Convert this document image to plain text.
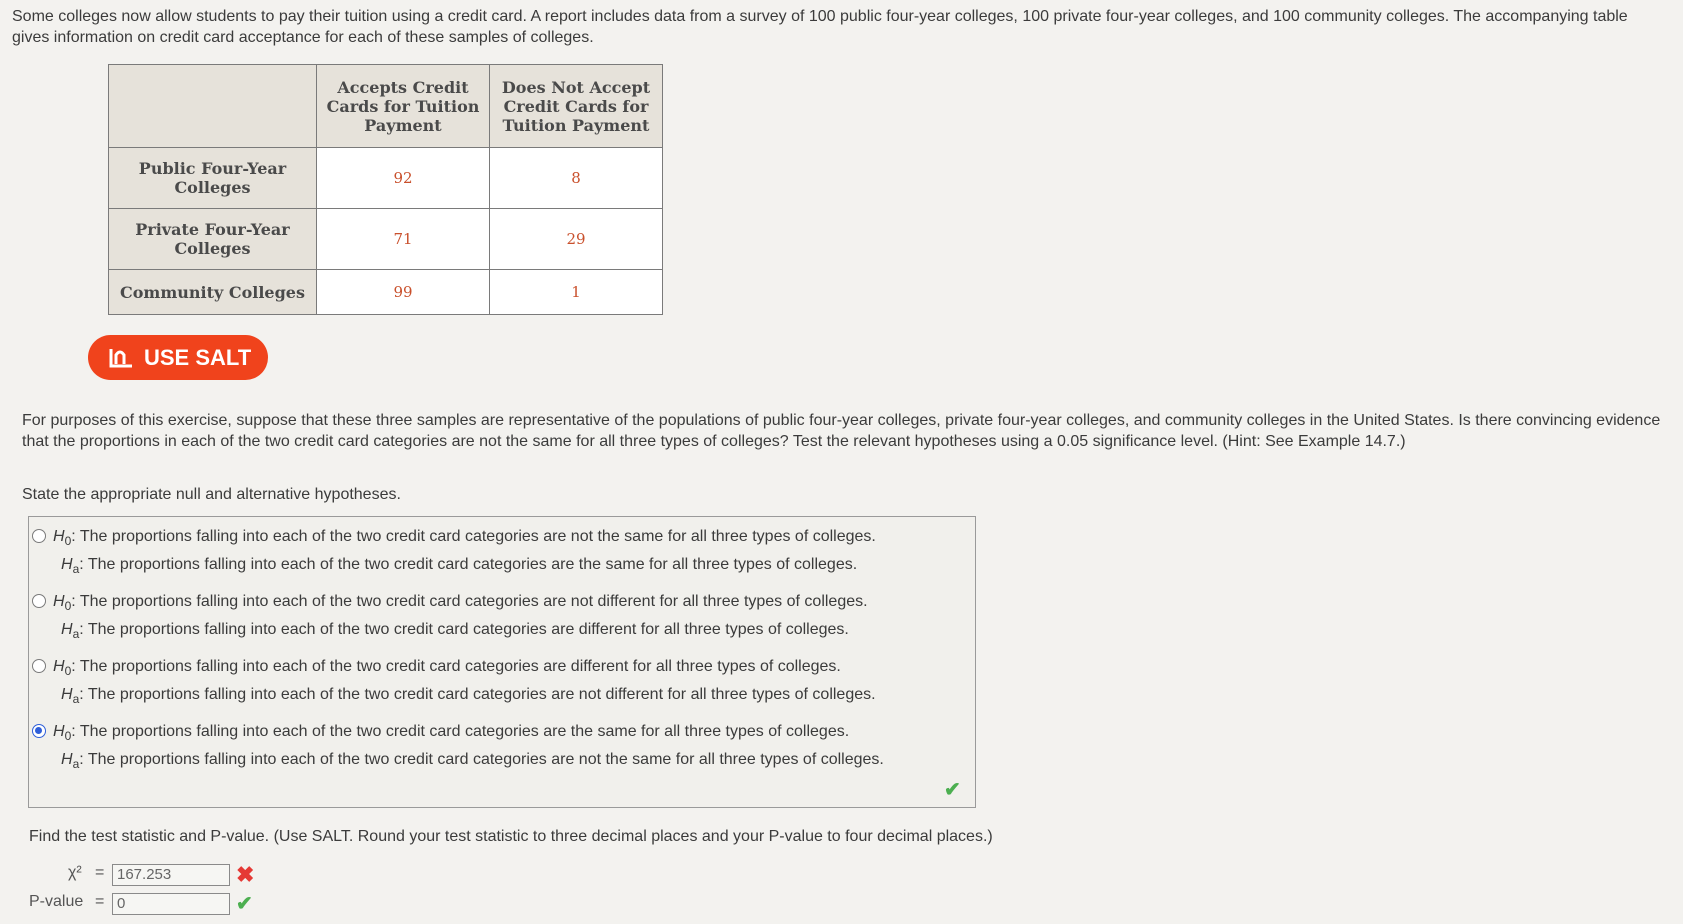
Some colleges now allow students to pay their tuition using a credit card. A report includes data from a survey of 100 public four-year colleges, 100 private four-year colleges, and 100 community colleges. The accompanying table gives information on credit card acceptance for each of these samples of colleges.
	Accepts Credit Cards for Tuition Payment	Does Not Accept Credit Cards for Tuition Payment
Public Four-Year Colleges	92	8
Private Four-Year Colleges	71	29
Community Colleges	99	1
USE SALT
For purposes of this exercise, suppose that these three samples are representative of the populations of public four-year colleges, private four-year colleges, and community colleges in the United States. Is there convincing evidence that the proportions in each of the two credit card categories are not the same for all three types of colleges? Test the relevant hypotheses using a 0.05 significance level. (Hint: See Example 14.7.)
State the appropriate null and alternative hypotheses.
$H_0$: The proportions falling into each of the two credit card categories are not the same for all three types of colleges.
$H_a$: The proportions falling into each of the two credit card categories are the same for all three types of colleges.
$H_0$: The proportions falling into each of the two credit card categories are not different for all three types of colleges.
$H_a$: The proportions falling into each of the two credit card categories are different for all three types of colleges.
$H_0$: The proportions falling into each of the two credit card categories are different for all three types of colleges.
$H_a$: The proportions falling into each of the two credit card categories are not different for all three types of colleges.
$H_0$: The proportions falling into each of the two credit card categories are the same for all three types of colleges.
$H_a$: The proportions falling into each of the two credit card categories are not the same for all three types of colleges.
✔
Find the test statistic and P-value. (Use SALT. Round your test statistic to three decimal places and your P-value to four decimal places.)
χ² = 167.253	✖
P-value = 0	✔
